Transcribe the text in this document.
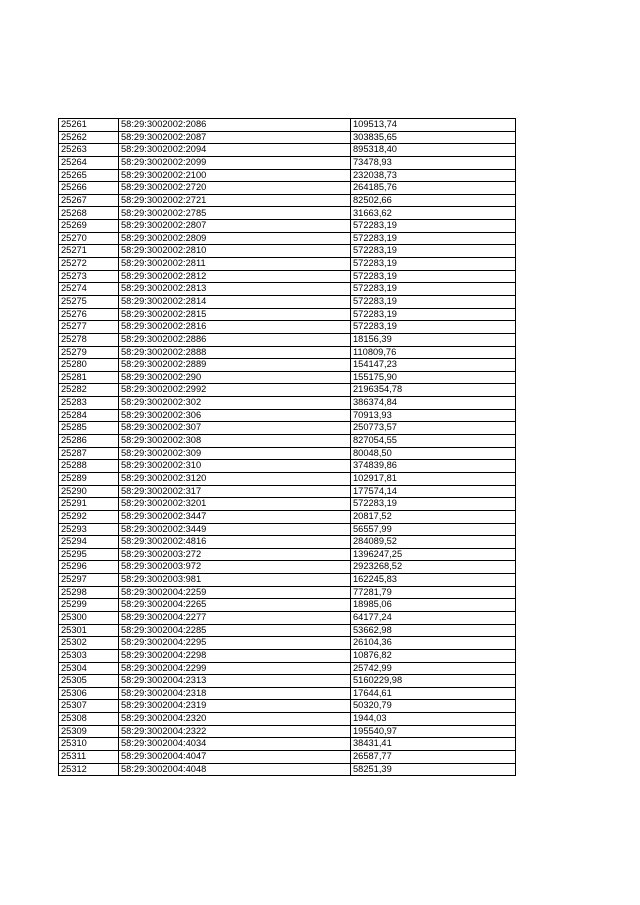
25261	58:29:3002002:2086	109513,74
25262	58:29:3002002:2087	303835,65
25263	58:29:3002002:2094	895318,40
25264	58:29:3002002:2099	73478,93
25265	58:29:3002002:2100	232038,73
25266	58:29:3002002:2720	264185,76
25267	58:29:3002002:2721	82502,66
25268	58:29:3002002:2785	31663,62
25269	58:29:3002002:2807	572283,19
25270	58:29:3002002:2809	572283,19
25271	58:29:3002002:2810	572283,19
25272	58:29:3002002:2811	572283,19
25273	58:29:3002002:2812	572283,19
25274	58:29:3002002:2813	572283,19
25275	58:29:3002002:2814	572283,19
25276	58:29:3002002:2815	572283,19
25277	58:29:3002002:2816	572283,19
25278	58:29:3002002:2886	18156,39
25279	58:29:3002002:2888	110809,76
25280	58:29:3002002:2889	154147,23
25281	58:29:3002002:290	155175,90
25282	58:29:3002002:2992	2196354,78
25283	58:29:3002002:302	386374,84
25284	58:29:3002002:306	70913,93
25285	58:29:3002002:307	250773,57
25286	58:29:3002002:308	827054,55
25287	58:29:3002002:309	80048,50
25288	58:29:3002002:310	374839,86
25289	58:29:3002002:3120	102917,81
25290	58:29:3002002:317	177574,14
25291	58:29:3002002:3201	572283,19
25292	58:29:3002002:3447	20817,52
25293	58:29:3002002:3449	56557,99
25294	58:29:3002002:4816	284089,52
25295	58:29:3002003:272	1396247,25
25296	58:29:3002003:972	2923268,52
25297	58:29:3002003:981	162245,83
25298	58:29:3002004:2259	77281,79
25299	58:29:3002004:2265	18985,06
25300	58:29:3002004:2277	64177,24
25301	58:29:3002004:2285	53662,98
25302	58:29:3002004:2295	26104,36
25303	58:29:3002004:2298	10876,82
25304	58:29:3002004:2299	25742,99
25305	58:29:3002004:2313	5160229,98
25306	58:29:3002004:2318	17644,61
25307	58:29:3002004:2319	50320,79
25308	58:29:3002004:2320	1944,03
25309	58:29:3002004:2322	195540,97
25310	58:29:3002004:4034	38431,41
25311	58:29:3002004:4047	26587,77
25312	58:29:3002004:4048	58251,39
